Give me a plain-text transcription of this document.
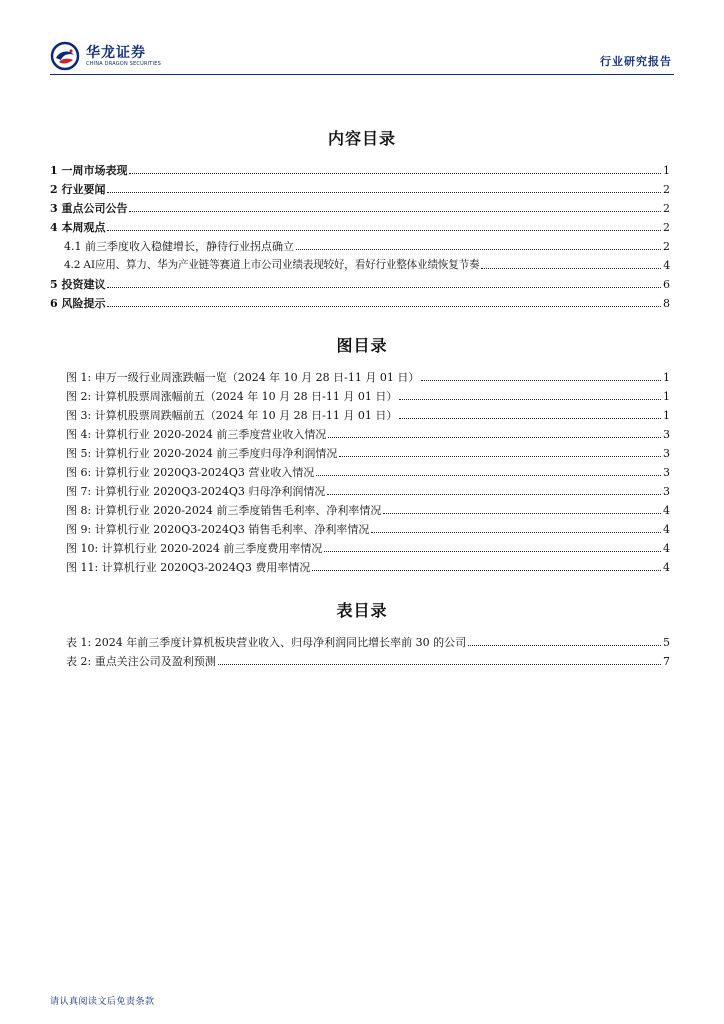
华龙证券
CHINA DRAGON SECURITIES	行业研究报告
内容目录
1 一周市场表现	1
2 行业要闻	2
3 重点公司公告	2
4 本周观点	2
4.1 前三季度收入稳健增长，静待行业拐点确立	2
4.2 AI应用、算力、华为产业链等赛道上市公司业绩表现较好，看好行业整体业绩恢复节奏	4
5 投资建议	6
6 风险提示	8
图目录
图 1: 申万一级行业周涨跌幅一览（2024 年 10 月 28 日-11 月 01 日）	1
图 2: 计算机股票周涨幅前五（2024 年 10 月 28 日-11 月 01 日）	1
图 3: 计算机股票周跌幅前五（2024 年 10 月 28 日-11 月 01 日）	1
图 4: 计算机行业 2020-2024 前三季度营业收入情况	3
图 5: 计算机行业 2020-2024 前三季度归母净利润情况	3
图 6: 计算机行业 2020Q3-2024Q3 营业收入情况	3
图 7: 计算机行业 2020Q3-2024Q3 归母净利润情况	3
图 8: 计算机行业 2020-2024 前三季度销售毛利率、净利率情况	4
图 9: 计算机行业 2020Q3-2024Q3 销售毛利率、净利率情况	4
图 10: 计算机行业 2020-2024 前三季度费用率情况	4
图 11: 计算机行业 2020Q3-2024Q3 费用率情况	4
表目录
表 1: 2024 年前三季度计算机板块营业收入、归母净利润同比增长率前 30 的公司	5
表 2: 重点关注公司及盈利预测	7
请认真阅读文后免责条款
